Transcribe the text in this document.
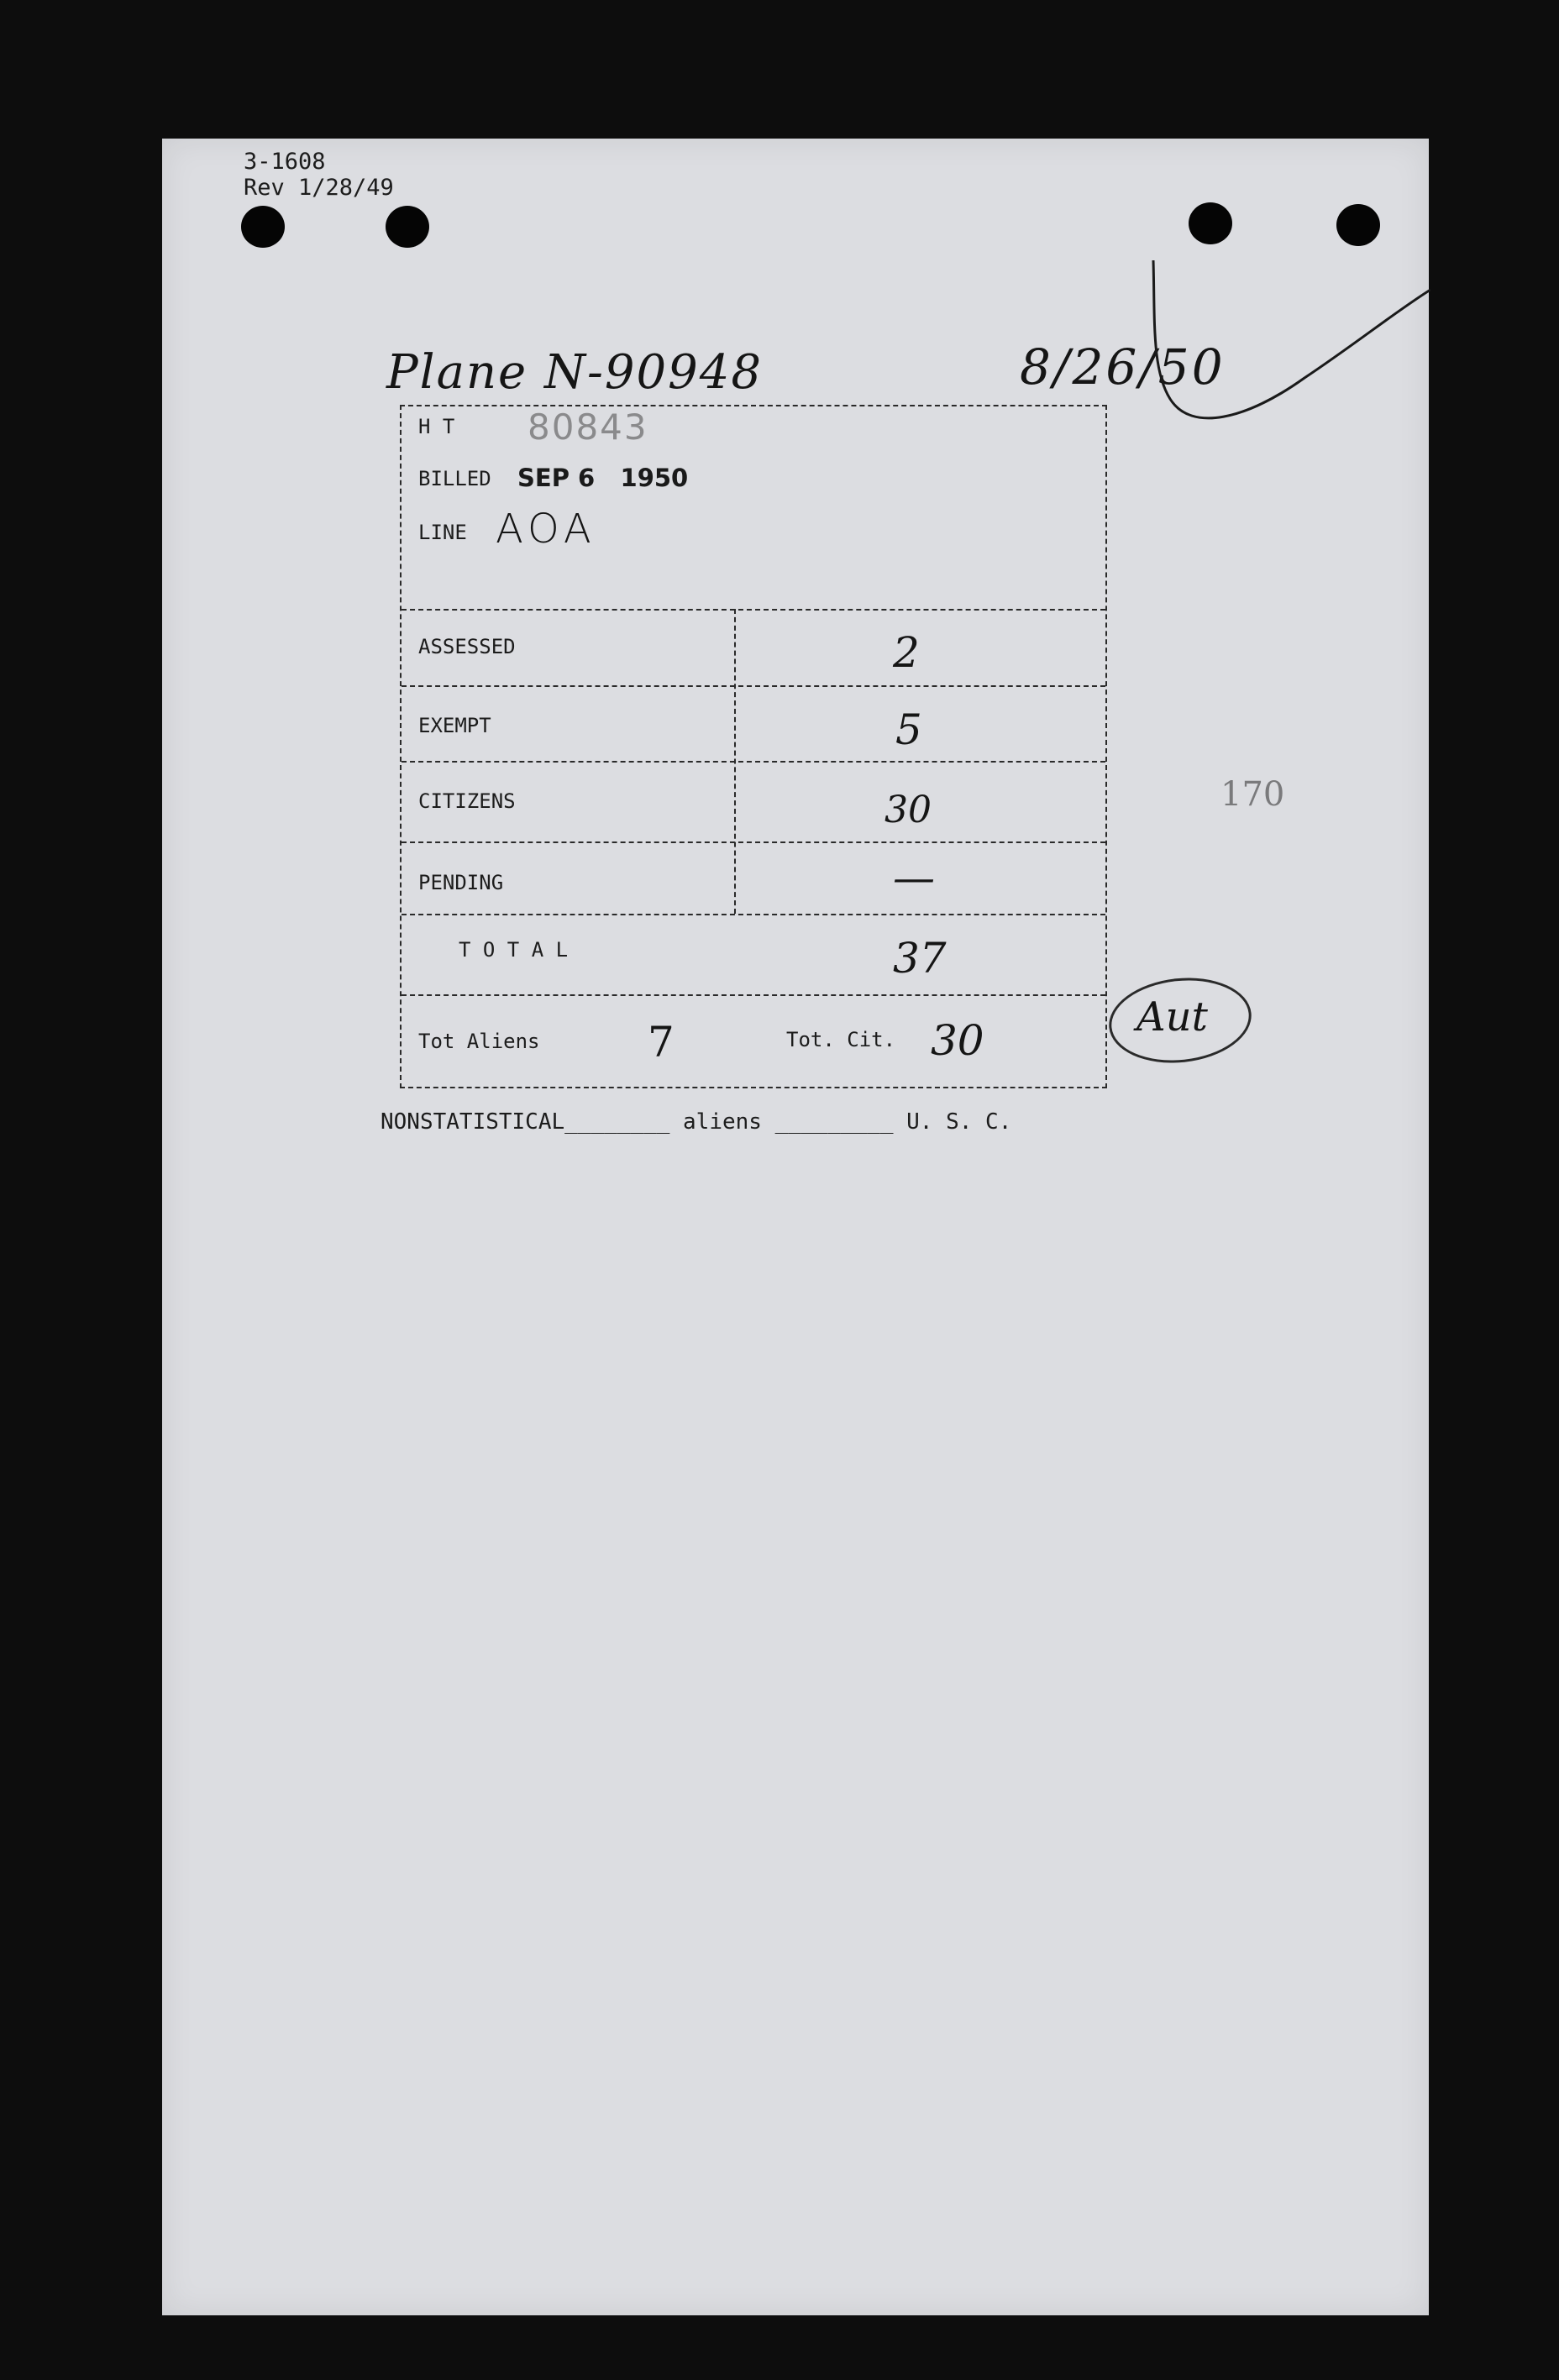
3-1608
Rev 1/28/49
Plane N-90948	8/26/50
H T 80843
BILLED SEP 6   1950
LINE AOA
ASSESSED	2
EXEMPT	5
CITIZENS	30
PENDING	—
T O T A L	37
Tot Aliens	7	Tot. Cit. 30
170
Aut
NONSTATISTICAL________ aliens _________ U. S. C.
